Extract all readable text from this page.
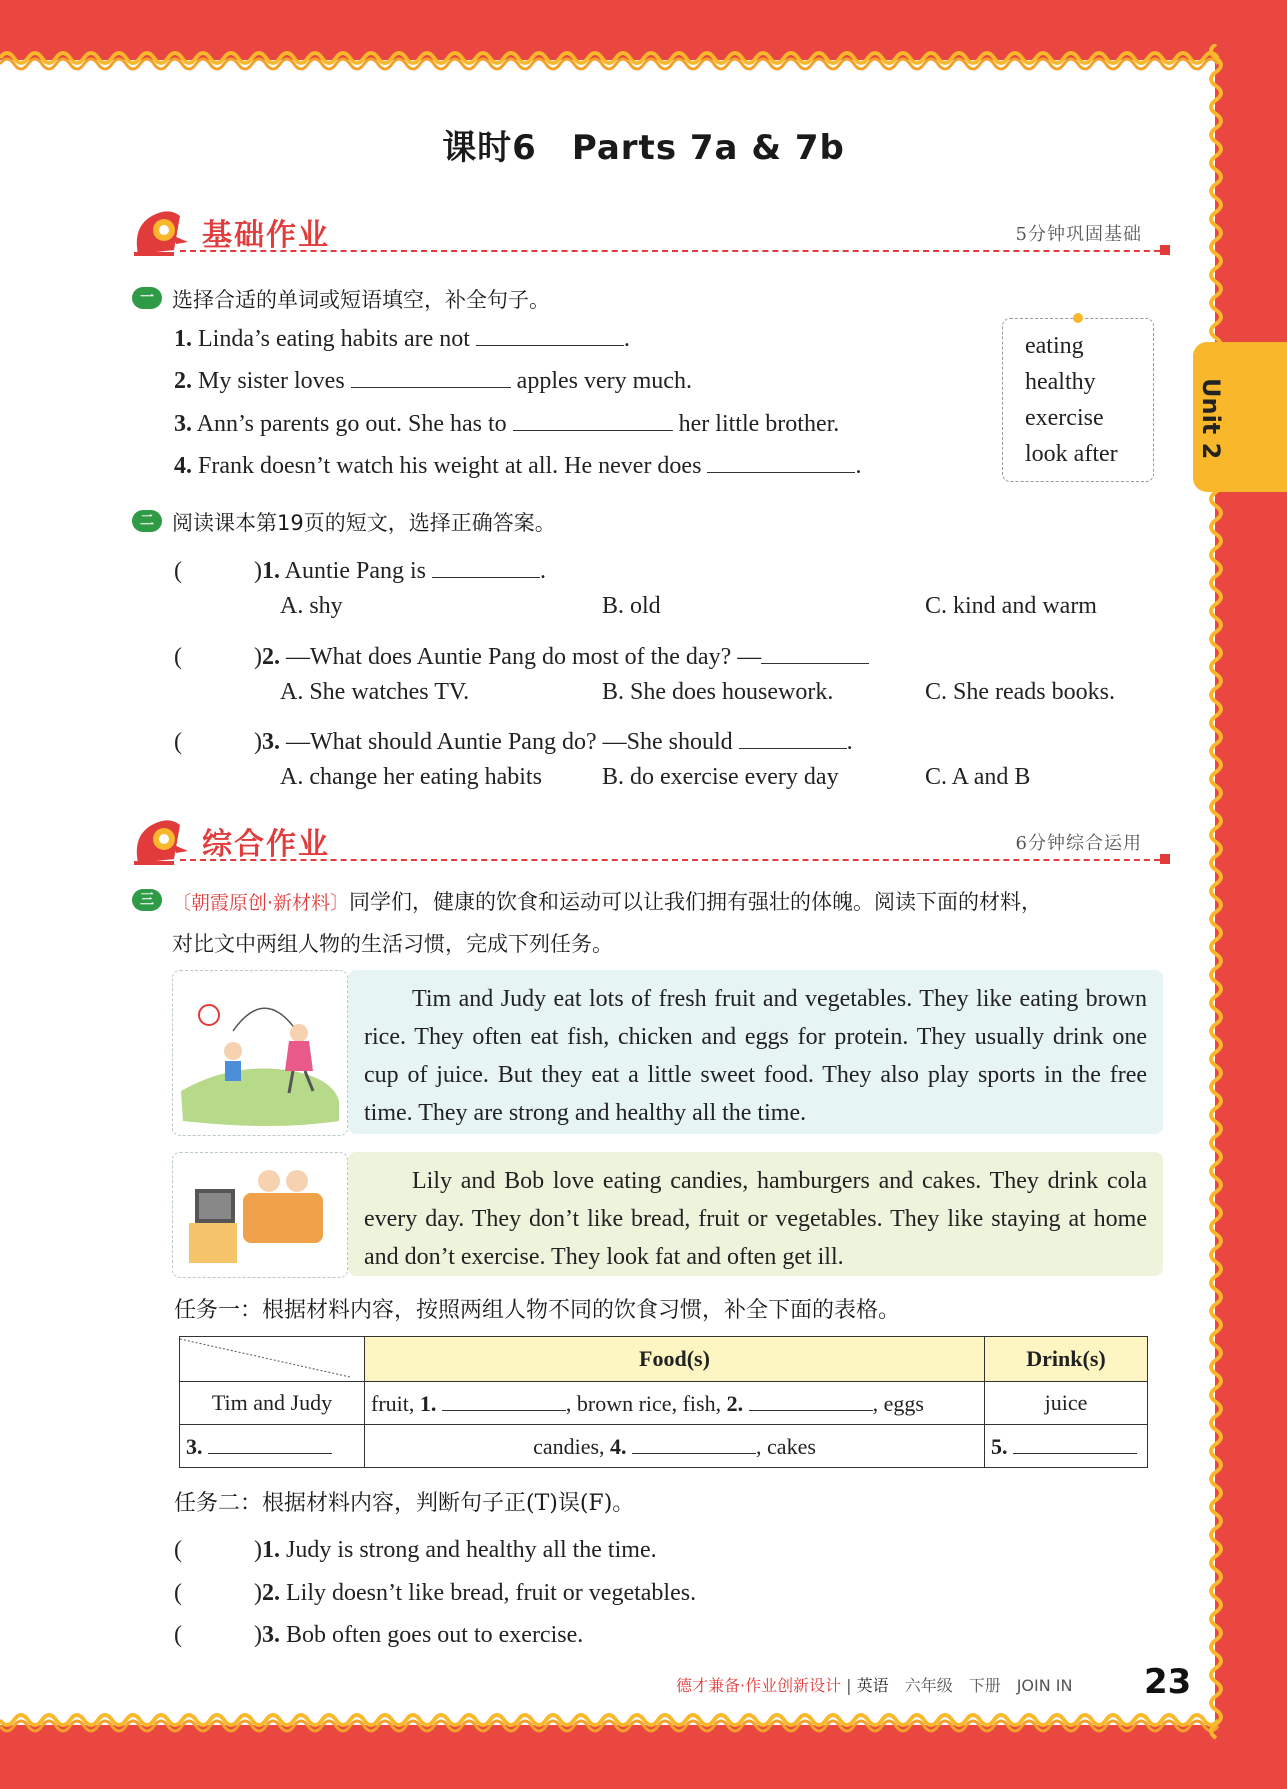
课时6　Parts 7a & 7b
Unit 2
基础作业	5分钟巩固基础
一 选择合适的单词或短语填空，补全句子。
1. Linda’s eating habits are not	.
2. My sister loves	apples very much.
3. Ann’s parents go out. She has to	her little brother.
4. Frank doesn’t watch his weight at all. He never does	.
eating
healthy
exercise
look after
二 阅读课本第19页的短文，选择正确答案。
(　　　)1. Auntie Pang is	.
A. shy	B. old	C. kind and warm
(　　　)2. —What does Auntie Pang do most of the day? —
A. She watches TV.	B. She does housework.	C. She reads books.
(　　　)3. —What should Auntie Pang do? —She should	.
A. change her eating habits	B. do exercise every day	C. A and B
综合作业	6分钟综合运用
三 〔朝霞原创·新材料〕同学们，健康的饮食和运动可以让我们拥有强壮的体魄。阅读下面的材料，
对比文中两组人物的生活习惯，完成下列任务。

Tim and Judy eat lots of fresh fruit and vegetables. They like eating brown rice. They often eat fish, chicken and eggs for protein. They usually drink one cup of juice. But they eat a little sweet food. They also play sports in the free time. They are strong and healthy all the time.

Lily and Bob love eating candies, hamburgers and cakes. They drink cola every day. They don’t like bread, fruit or vegetables. They like staying at home and don’t exercise. They look fat and often get ill.

任务一：根据材料内容，按照两组人物不同的饮食习惯，补全下面的表格。
	Food(s)	Drink(s)
Tim and Judy	fruit, 1. , brown rice, fish, 2. , eggs	juice
3.	candies, 4. , cakes	5.
任务二：根据材料内容，判断句子正(T)误(F)。
(　　　)1. Judy is strong and healthy all the time.
(　　　)2. Lily doesn’t like bread, fruit or vegetables.
(　　　)3. Bob often goes out to exercise.
德才兼备·作业创新设计 | 英语　 六年级　下册　JOIN IN 23
